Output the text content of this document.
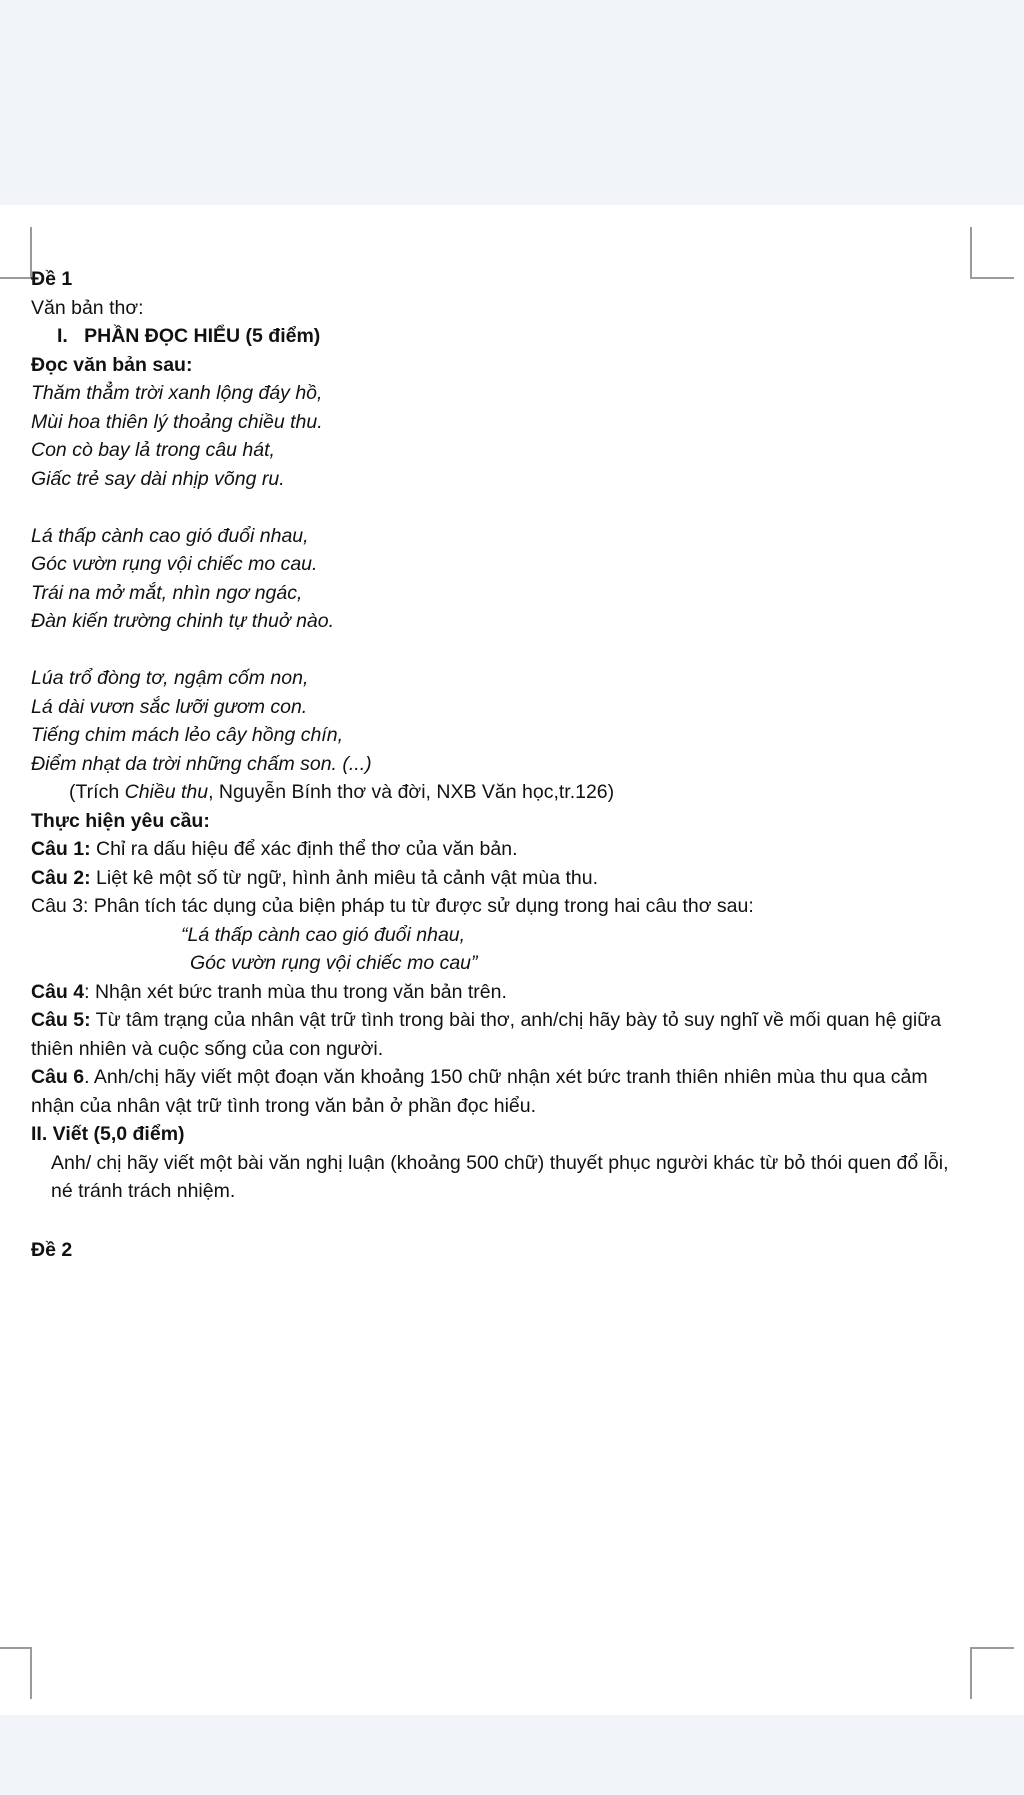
Đề 1

Văn bản thơ:

I. PHẦN ĐỌC HIỂU (5 điểm)

Đọc văn bản sau:

Thăm thẳm trời xanh lộng đáy hồ,

Mùi hoa thiên lý thoảng chiều thu.

Con cò bay lả trong câu hát,

Giấc trẻ say dài nhịp võng ru.

Lá thấp cành cao gió đuổi nhau,

Góc vườn rụng vội chiếc mo cau.

Trái na mở mắt, nhìn ngơ ngác,

Đàn kiến trường chinh tự thuở nào.

Lúa trổ đòng tơ, ngậm cốm non,

Lá dài vươn sắc lưỡi gươm con.

Tiếng chim mách lẻo cây hồng chín,

Điểm nhạt da trời những chấm son. (...)

(Trích Chiều thu, Nguyễn Bính thơ và đời, NXB Văn học,tr.126)

Thực hiện yêu cầu:

Câu 1: Chỉ ra dấu hiệu để xác định thể thơ của văn bản.

Câu 2: Liệt kê một số từ ngữ, hình ảnh miêu tả cảnh vật mùa thu.

Câu 3: Phân tích tác dụng của biện pháp tu từ được sử dụng trong hai câu thơ sau:

“Lá thấp cành cao gió đuổi nhau,

Góc vườn rụng vội chiếc mo cau”

Câu 4: Nhận xét bức tranh mùa thu trong văn bản trên.

Câu 5: Từ tâm trạng của nhân vật trữ tình trong bài thơ, anh/chị hãy bày tỏ suy nghĩ về mối quan hệ giữa thiên nhiên và cuộc sống của con người.

Câu 6. Anh/chị hãy viết một đoạn văn khoảng 150 chữ nhận xét bức tranh thiên nhiên mùa thu qua cảm nhận của nhân vật trữ tình trong văn bản ở phần đọc hiểu.

II. Viết (5,0 điểm)

Anh/ chị hãy viết một bài văn nghị luận (khoảng 500 chữ) thuyết phục người khác từ bỏ thói quen đổ lỗi, né tránh trách nhiệm.

Đề 2
